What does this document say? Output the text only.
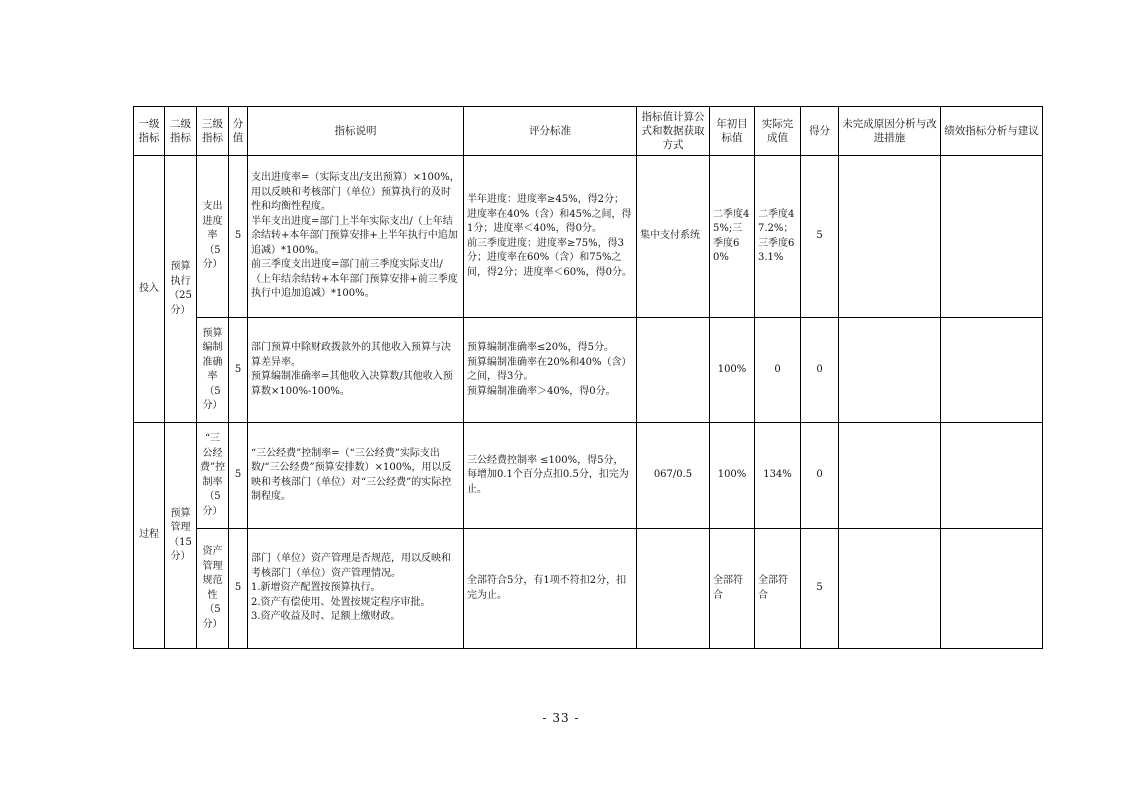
一级指标	二级指标	三级指标	分值	指标说明	评分标准	指标值计算公式和数据获取方式	年初目标值	实际完成值	得分	未完成原因分析与改进措施	绩效指标分析与建议
投入	预算执行（25分）	支出进度率（5分）	5	支出进度率=（实际支出/支出预算）×100%，用以反映和考核部门（单位）预算执行的及时性和均衡性程度。
半年支出进度=部门上半年实际支出/（上年结余结转+本年部门预算安排+上半年执行中追加追减）*100%。
前三季度支出进度=部门前三季度实际支出/（上年结余结转+本年部门预算安排+前三季度执行中追加追减）*100%。	半年进度：进度率≥45%，得2分；进度率在40%（含）和45%之间，得1分；进度率＜40%，得0分。
前三季度进度：进度率≥75%，得3分；进度率在60%（含）和75%之间，得2分；进度率＜60%，得0分。	集中支付系统	二季度45%;三季度60%	二季度47.2%；三季度63.1%	5		
		预算编制准确率（5分）	5	部门预算中除财政拨款外的其他收入预算与决算差异率。
预算编制准确率=其他收入决算数/其他收入预算数×100%-100%。	预算编制准确率≤20%，得5分。
预算编制准确率在20%和40%（含）之间，得3分。
预算编制准确率＞40%，得0分。		100%	0	0		
过程	预算管理（15分）	“三公经费”控制率（5分）	5	“三公经费”控制率=（“三公经费”实际支出数/“三公经费”预算安排数）×100%，用以反映和考核部门（单位）对“三公经费”的实际控制程度。	三公经费控制率 ≤100%，得5分，每增加0.1个百分点扣0.5分，扣完为止。	067/0.5	100%	134%	0		
		资产管理规范性（5分）	5	部门（单位）资产管理是否规范，用以反映和考核部门（单位）资产管理情况。
1.新增资产配置按预算执行。
2.资产有偿使用、处置按规定程序审批。
3.资产收益及时、足额上缴财政。	全部符合5分，有1项不符扣2分，扣完为止。		全部符合	全部符合	5		
- 33 -
